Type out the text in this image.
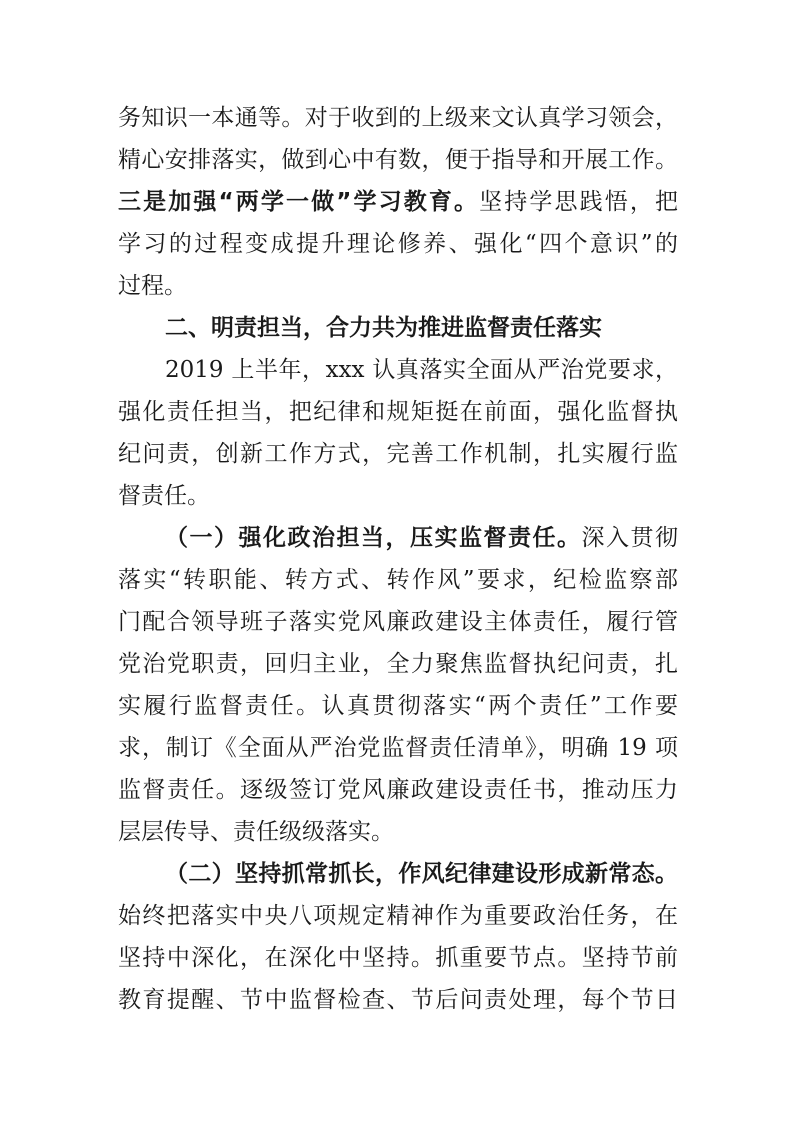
务知识一本通等。对于收到的上级来文认真学习领会，
精心安排落实，做到心中有数，便于指导和开展工作。
三是加强“两学一做”学习教育。坚持学思践悟，把
学习的过程变成提升理论修养、强化“四个意识”的
过程。
二、明责担当，合力共为推进监督责任落实
2019 上半年，xxx 认真落实全面从严治党要求，
强化责任担当，把纪律和规矩挺在前面，强化监督执
纪问责，创新工作方式，完善工作机制，扎实履行监
督责任。
（一）强化政治担当，压实监督责任。深入贯彻
落实“转职能、转方式、转作风”要求，纪检监察部
门配合领导班子落实党风廉政建设主体责任，履行管
党治党职责，回归主业，全力聚焦监督执纪问责，扎
实履行监督责任。认真贯彻落实“两个责任”工作要
求，制订《全面从严治党监督责任清单》，明确 19 项
监督责任。逐级签订党风廉政建设责任书，推动压力
层层传导、责任级级落实。
（二）坚持抓常抓长，作风纪律建设形成新常态。
始终把落实中央八项规定精神作为重要政治任务，在
坚持中深化，在深化中坚持。抓重要节点。坚持节前
教育提醒、节中监督检查、节后问责处理，每个节日
